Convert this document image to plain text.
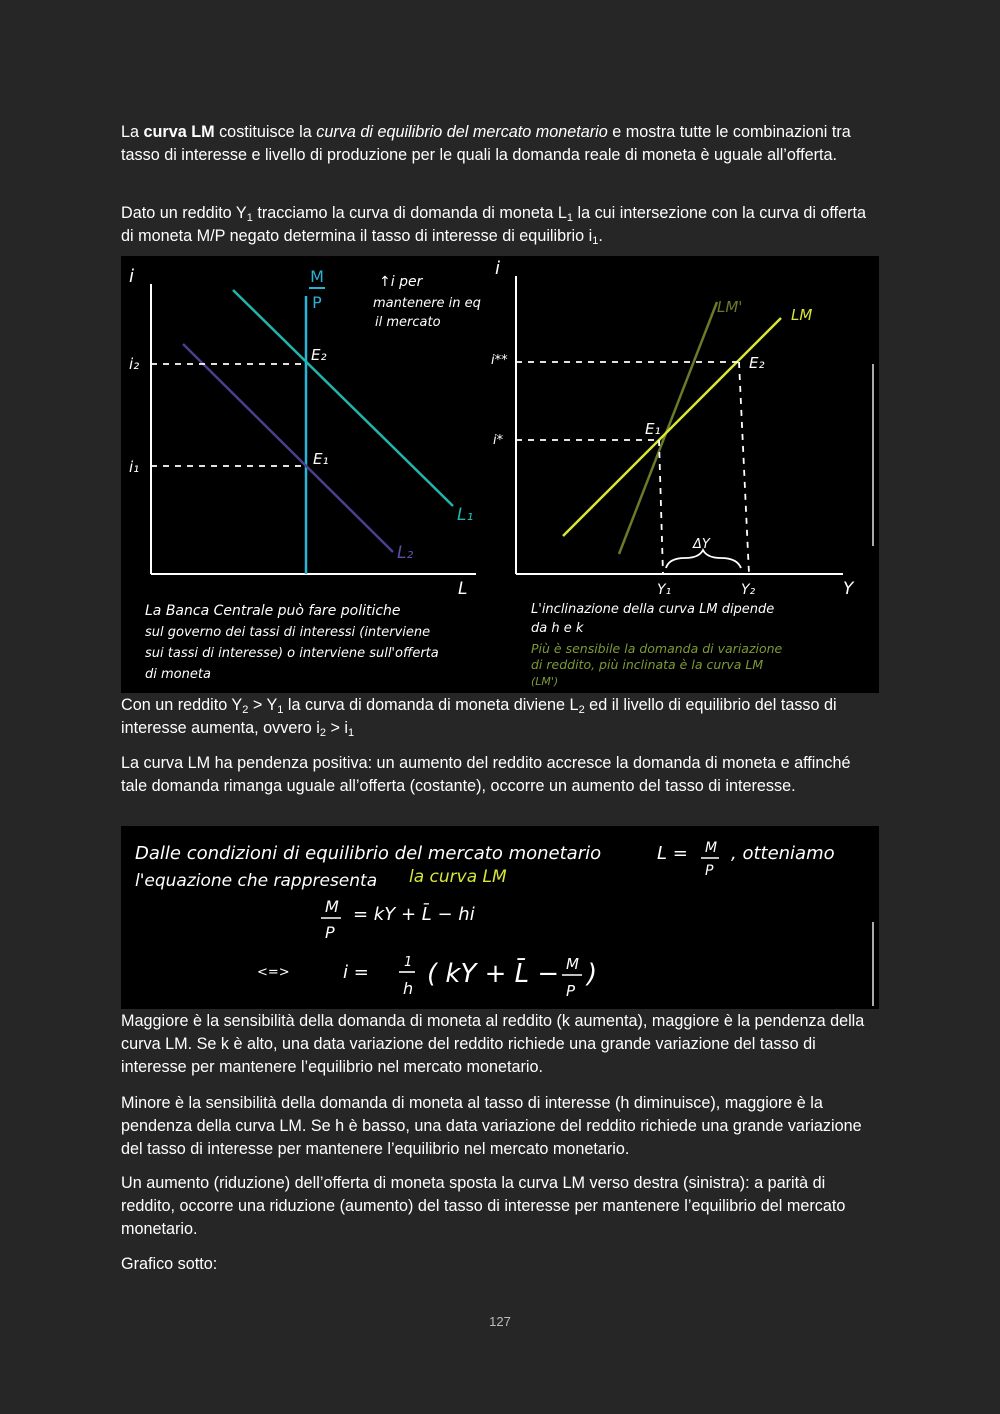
La curva LM costituisce la curva di equilibrio del mercato monetario e mostra tutte le combinazioni tra tasso di interesse e livello di produzione per le quali la domanda reale di moneta è uguale all’offerta.

Dato un reddito $Y_1$ tracciamo la curva di domanda di moneta $L_1$ la cui intersezione con la curva di offerta di moneta M/P negato determina il tasso di interesse di equilibrio $i_1$.

i
L
M
P
L₁
L₂
↑i per
mantenere in eq
il mercato
i₂
i₁
E₂
E₁
La Banca Centrale può fare politiche
sul governo dei tassi di interessi (interviene
sui tassi di interesse) o interviene sull'offerta
di moneta
i
Y
LM'	LM
i**
i*
E₁
E₂
ΔY
Y₁	Y₂
L'inclinazione della curva LM dipende
da h e k
Più è sensibile la domanda di variazione
di reddito, più inclinata è la curva LM
(LM')

Con un reddito $Y_2 > Y_1$ la curva di domanda di moneta diviene $L_2$ ed il livello di equilibrio del tasso di interesse aumenta, ovvero $i_2 > i_1$

La curva LM ha pendenza positiva: un aumento del reddito accresce la domanda di moneta e affinché tale domanda rimanga uguale all’offerta (costante), occorre un aumento del tasso di interesse.

Dalle condizioni di equilibrio del mercato monetario	L = M
P
, otteniamo
l'equazione che rappresenta la curva LM
M
P
= kY + L̄ − hi
<=>	i =	1
h ( kY + L̄ − M
P
)

Maggiore è la sensibilità della domanda di moneta al reddito (k aumenta), maggiore è la pendenza della curva LM. Se k è alto, una data variazione del reddito richiede una grande variazione del tasso di interesse per mantenere l’equilibrio nel mercato monetario.

Minore è la sensibilità della domanda di moneta al tasso di interesse (h diminuisce), maggiore è la pendenza della curva LM. Se h è basso, una data variazione del reddito richiede una grande variazione del tasso di interesse per mantenere l’equilibrio nel mercato monetario.

Un aumento (riduzione) dell’offerta di moneta sposta la curva LM verso destra (sinistra): a parità di reddito, occorre una riduzione (aumento) del tasso di interesse per mantenere l’equilibrio del mercato monetario.

Grafico sotto:

127
